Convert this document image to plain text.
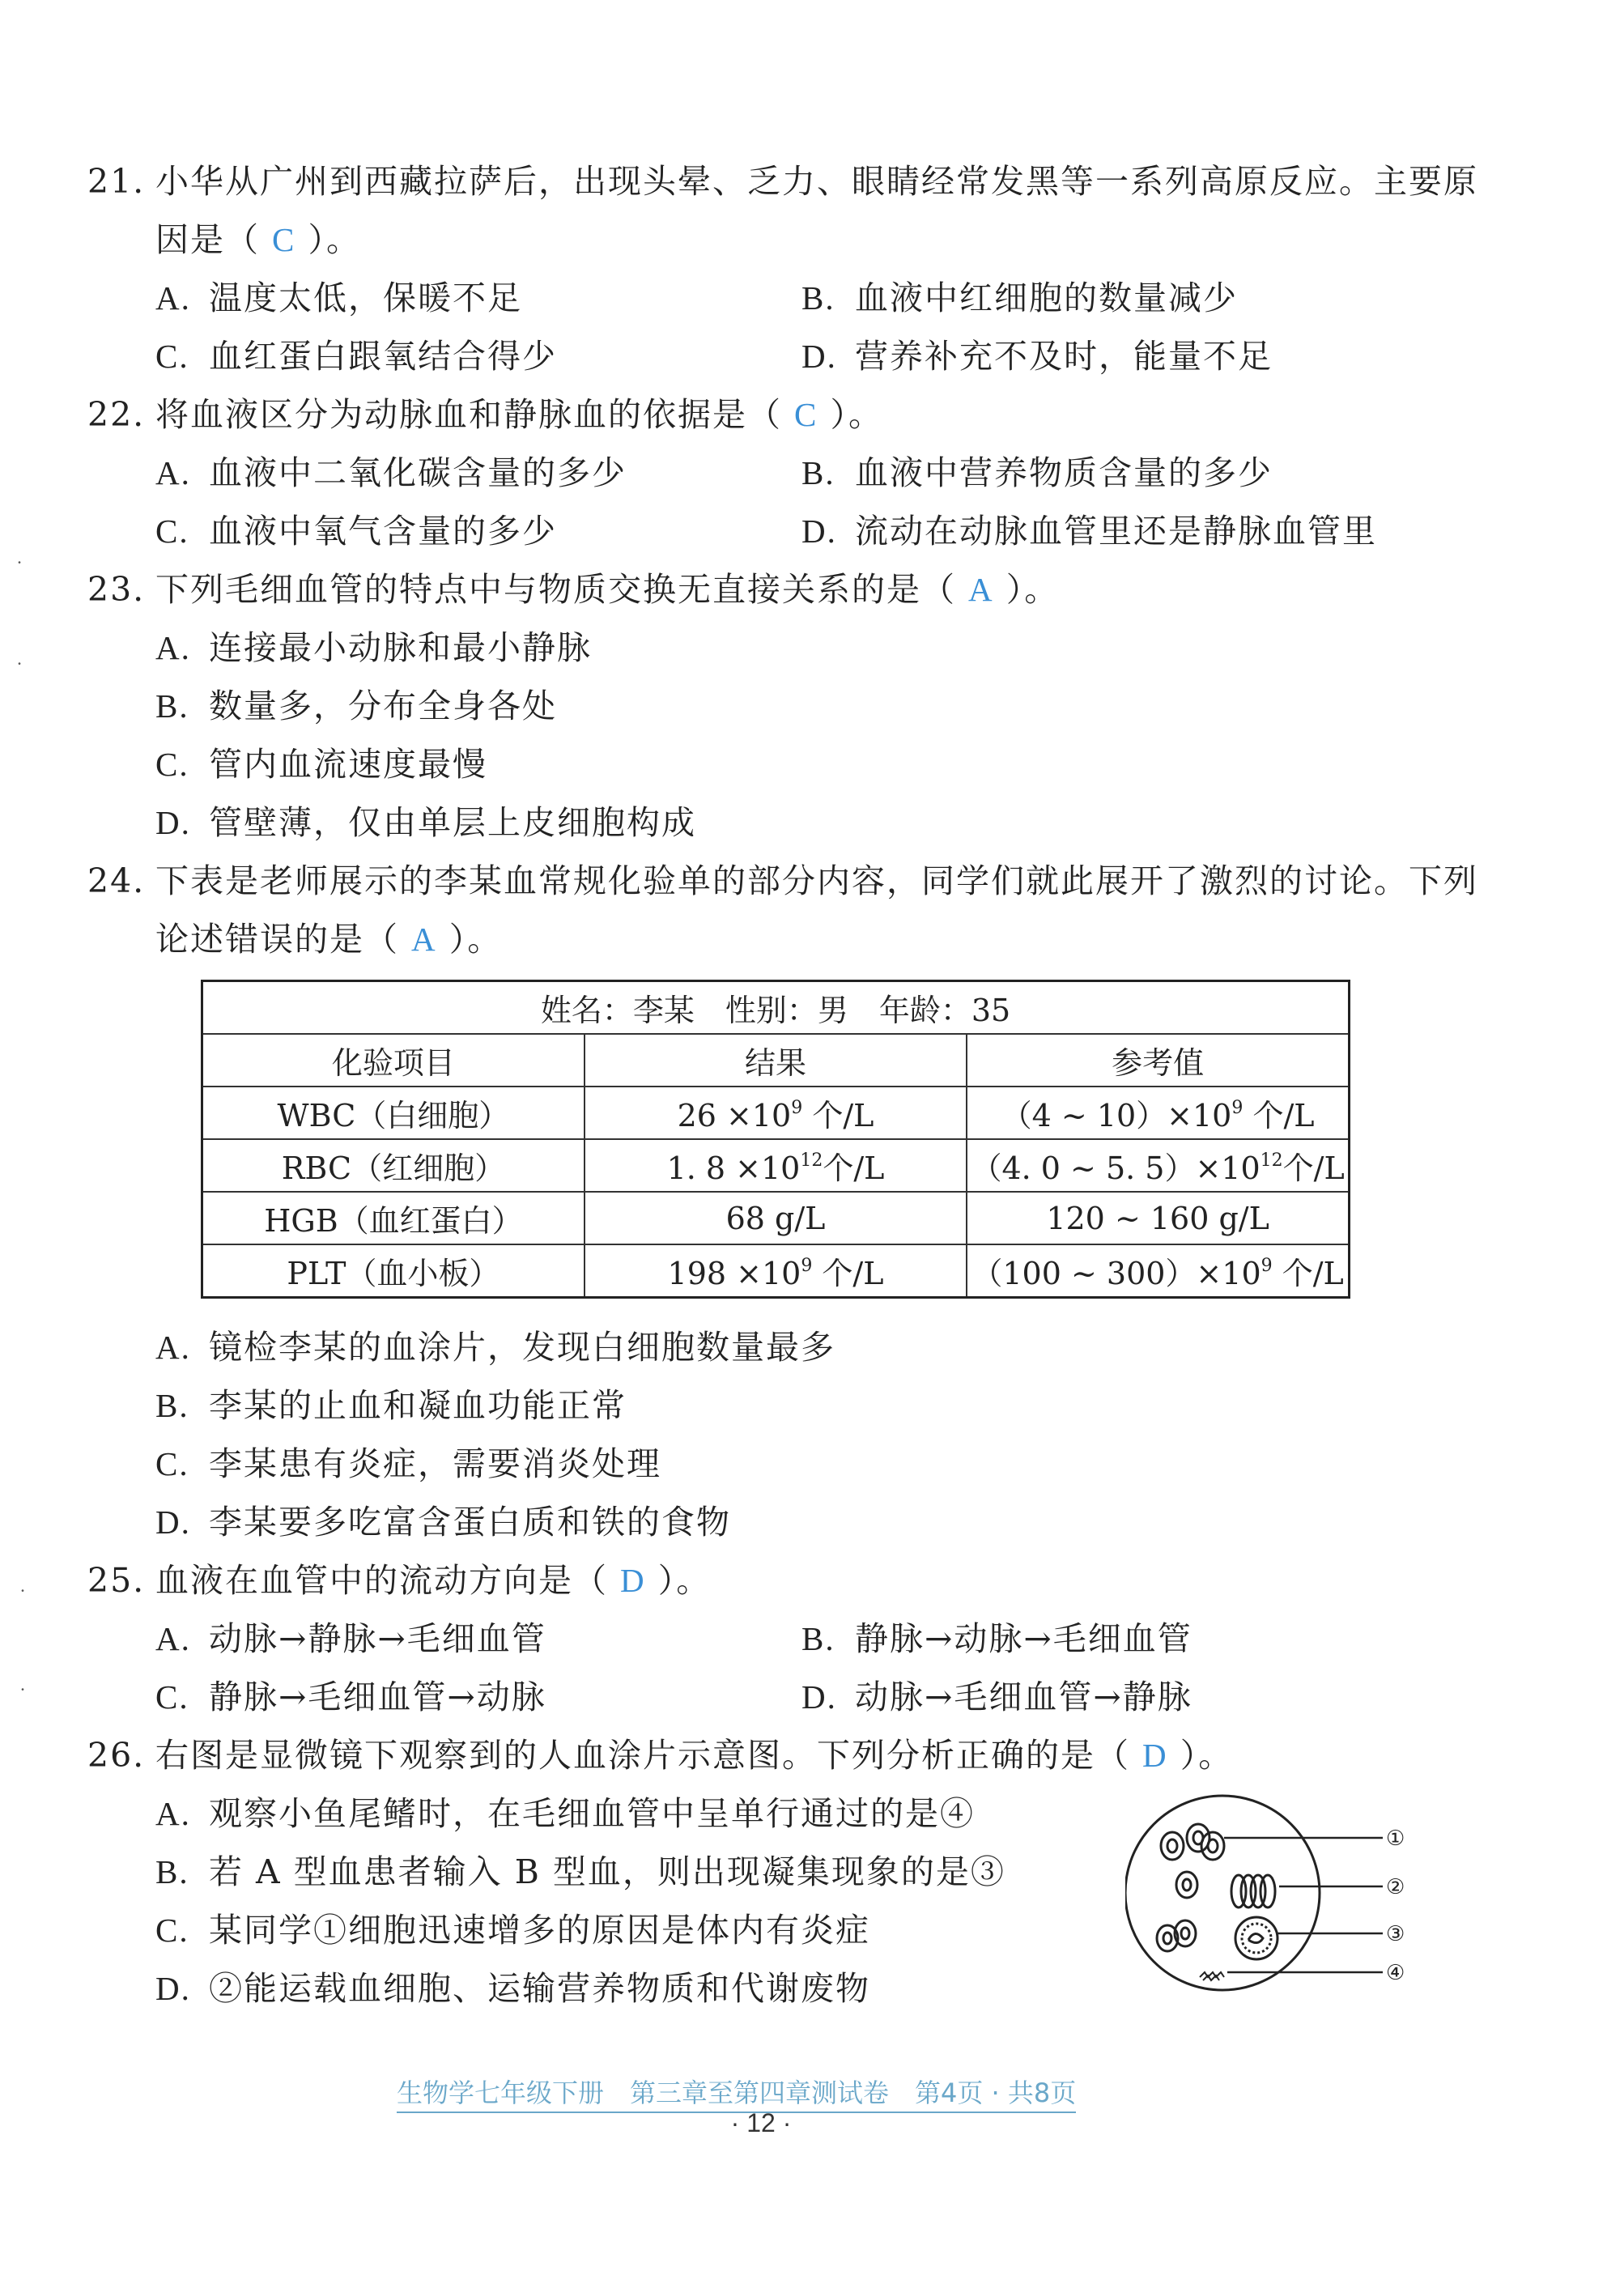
21. 小华从广州到西藏拉萨后，出现头晕、乏力、眼睛经常发黑等一系列高原反应。主要原
因是（ C ）。
A. 温度太低，保暖不足	B. 血液中红细胞的数量减少
C. 血红蛋白跟氧结合得少	D. 营养补充不及时，能量不足
22. 将血液区分为动脉血和静脉血的依据是（ C ）。
A. 血液中二氧化碳含量的多少	B. 血液中营养物质含量的多少
C. 血液中氧气含量的多少	D. 流动在动脉血管里还是静脉血管里
23. 下列毛细血管的特点中与物质交换无直接关系的是（ A ）。
A. 连接最小动脉和最小静脉
B. 数量多，分布全身各处
C. 管内血流速度最慢
D. 管壁薄，仅由单层上皮细胞构成
24. 下表是老师展示的李某血常规化验单的部分内容，同学们就此展开了激烈的讨论。下列
论述错误的是（ A ）。
姓名：李某　性别：男　年龄：35		
化验项目	结果	参考值
WBC（白细胞）	$26 \times 10^9$ 个/L	（4 ~ $10)\times 10^9$ 个/L
RBC（红细胞）	1. $8 \times 10^{12}$个/L	（4. 0 ~ 5. $5)\times 10^{12}$个/L
HGB（血红蛋白）	68 g/L	120 ~ 160 g/L
PLT（血小板）	$198 \times 10^9$ 个/L	（100 ~ $300)\times 10^9$ 个/L
A. 镜检李某的血涂片，发现白细胞数量最多
B. 李某的止血和凝血功能正常
C. 李某患有炎症，需要消炎处理
D. 李某要多吃富含蛋白质和铁的食物
25. 血液在血管中的流动方向是（ D ）。
A. 动脉→静脉→毛细血管	B. 静脉→动脉→毛细血管
C. 静脉→毛细血管→动脉	D. 动脉→毛细血管→静脉
26. 右图是显微镜下观察到的人血涂片示意图。下列分析正确的是（ D ）。
A. 观察小鱼尾鳍时，在毛细血管中呈单行通过的是④
B. 若 A 型血患者输入 B 型血，则出现凝集现象的是③
C. 某同学①细胞迅速增多的原因是体内有炎症
D. ②能运载血细胞、运输营养物质和代谢废物
①
②
③
④
˙
˙
˙
˙
生物学七年级下册　第三章至第四章测试卷　第4页 · 共8页
· 12 ·
